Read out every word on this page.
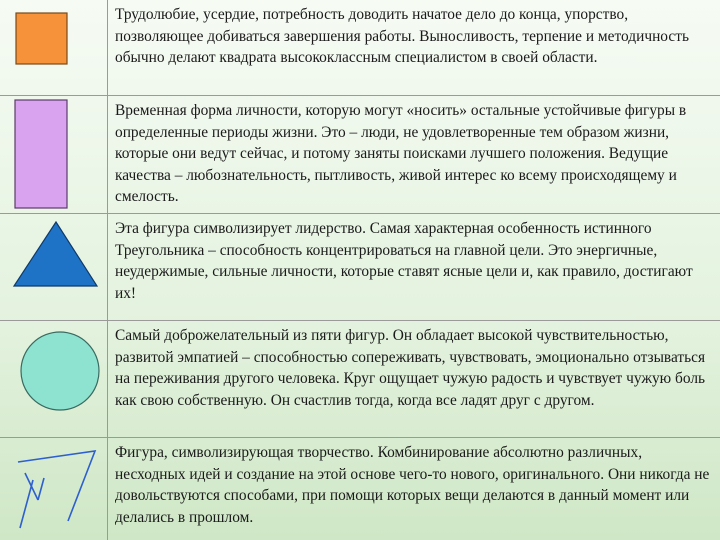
Трудолюбие, усердие, потребность доводить начатое дело до конца, упорство, позволяющее добиваться завершения работы. Выносливость, терпение и методичность обычно делают квадрата высококлассным специалистом в своей области.
Временная форма личности, которую могут «носить» остальные устойчивые фигуры в определенные периоды жизни. Это – люди, не удовлетворенные тем образом жизни, которые они ведут сейчас, и потому заняты поисками лучшего положения. Ведущие качества – любознательность, пытливость, живой интерес ко всему происходящему и смелость.
Эта фигура символизирует лидерство. Самая характерная особенность истинного Треугольника – способность концентрироваться на главной цели. Это энергичные, неудержимые, сильные личности, которые ставят ясные цели и, как правило, достигают их!
Самый доброжелательный из пяти фигур. Он обладает высокой чувствительностью, развитой эмпатией – способностью сопереживать, чувствовать, эмоционально отзываться на переживания другого человека. Круг ощущает чужую радость и чувствует чужую боль как свою собственную. Он счастлив тогда, когда все ладят друг с другом.
Фигура, символизирующая творчество. Комбинирование абсолютно различных, несходных идей и создание на этой основе чего-то нового, оригинального. Они никогда не довольствуются способами, при помощи которых вещи делаются в данный момент или делались в прошлом.
